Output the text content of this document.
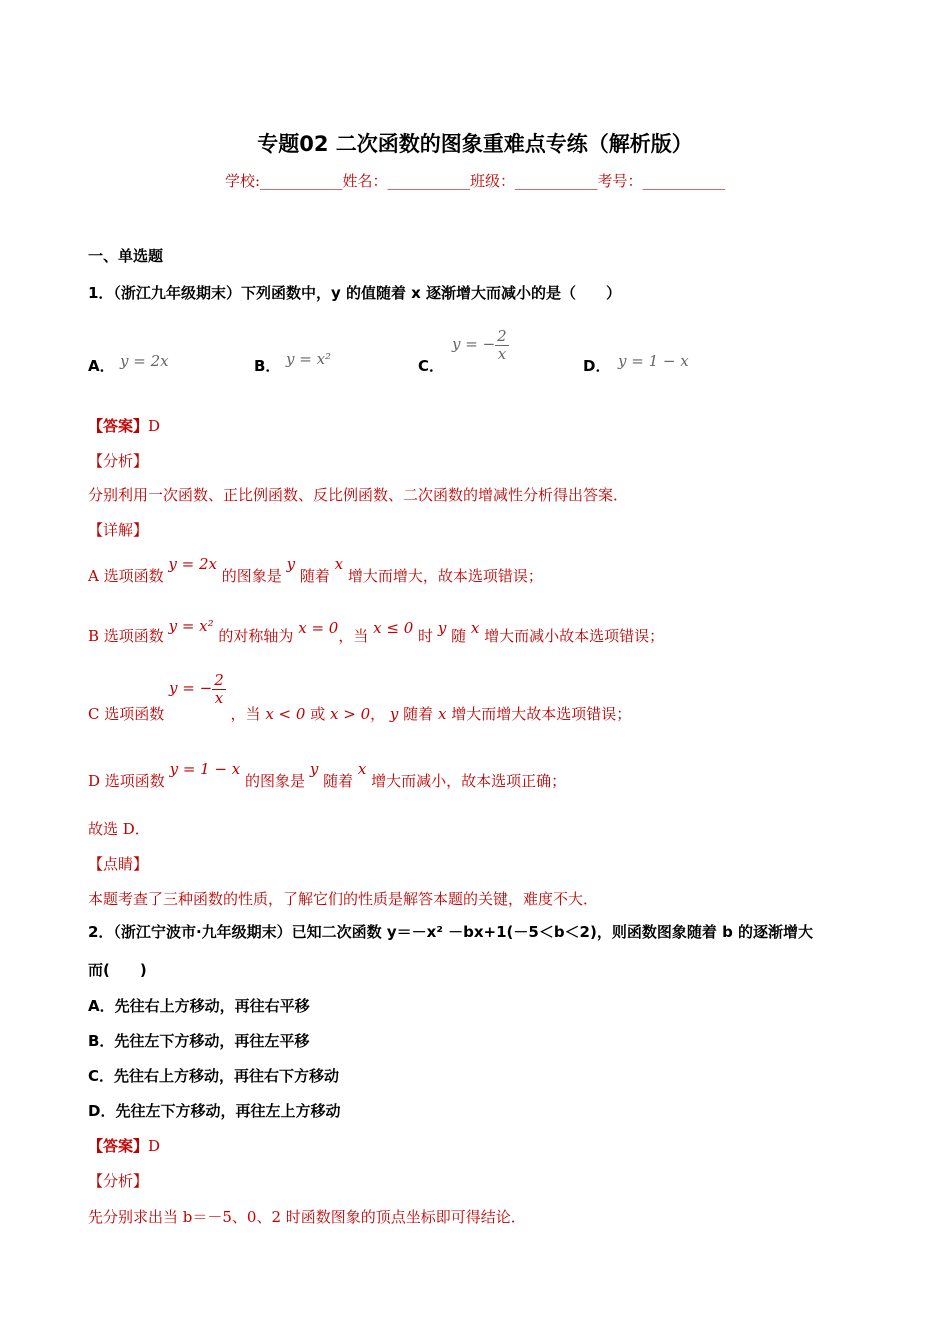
专题02 二次函数的图象重难点专练（解析版）
学校:___________姓名：___________班级：___________考号：___________
一、单选题
1．（浙江九年级期末）下列函数中，y 的值随着 x 逐渐增大而减小的是（　　）
A． y = 2x	B． y = x²	C．
y = − $\frac{2}{x}$
D． y = 1 − x
【答案】D
【分析】
分别利用一次函数、正比例函数、反比例函数、二次函数的增减性分析得出答案．
【详解】
A 选项函数 y = 2x 的图象是 y 随着 x 增大而增大，故本选项错误；
B 选项函数 y = x² 的对称轴为 x = 0，当 x ≤ 0 时 y 随 x 增大而减小故本选项错误；
C 选项函数 y = − $\frac{2}{x}$
，当 x < 0 或 x > 0， y 随着 x 增大而增大故本选项错误；
D 选项函数 y = 1 − x 的图象是 y 随着 x 增大而减小，故本选项正确；
故选 D．
【点睛】
本题考查了三种函数的性质，了解它们的性质是解答本题的关键，难度不大．
2．（浙江宁波市·九年级期末）已知二次函数 y＝－x² －bx+1(－5＜b＜2)，则函数图象随着 b 的逐渐增大
而(　　)
A．先往右上方移动，再往右平移
B．先往左下方移动，再往左平移
C．先往右上方移动，再往右下方移动
D．先往左下方移动，再往左上方移动
【答案】D
【分析】
先分别求出当 b＝－5、0、2 时函数图象的顶点坐标即可得结论．
